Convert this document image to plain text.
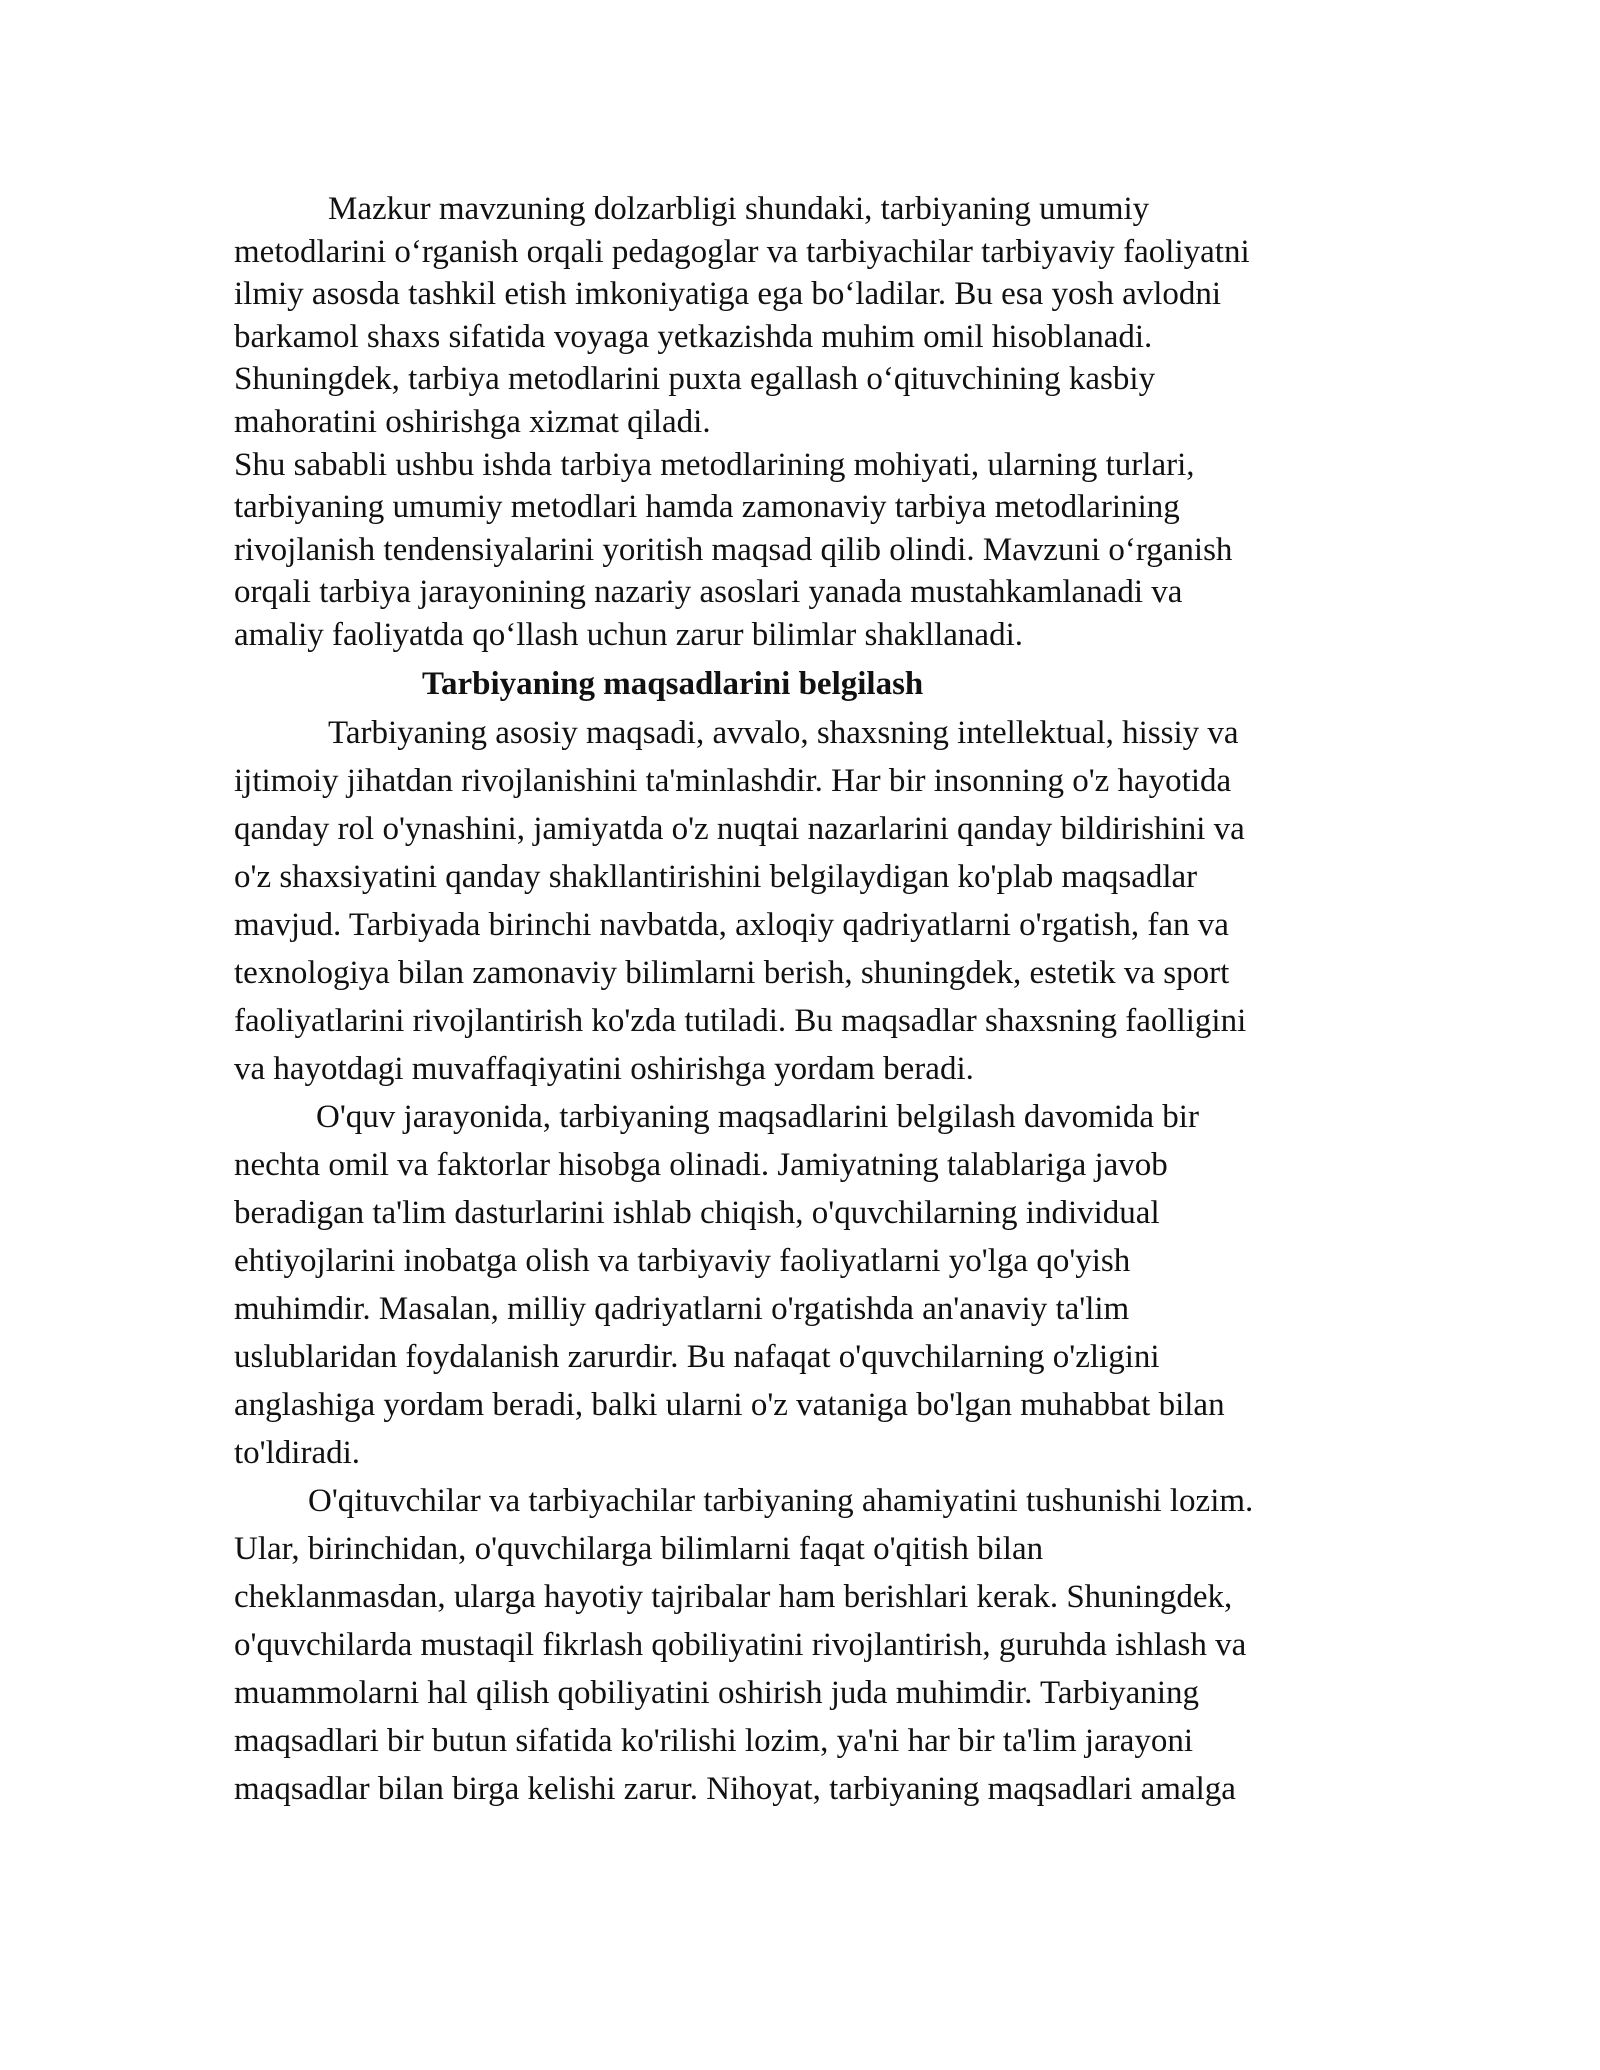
Mazkur mavzuning dolzarbligi shundaki, tarbiyaning umumiy
metodlarini o‘rganish orqali pedagoglar va tarbiyachilar tarbiyaviy faoliyatni
ilmiy asosda tashkil etish imkoniyatiga ega bo‘ladilar. Bu esa yosh avlodni
barkamol shaxs sifatida voyaga yetkazishda muhim omil hisoblanadi.
Shuningdek, tarbiya metodlarini puxta egallash o‘qituvchining kasbiy
mahoratini oshirishga xizmat qiladi.
Shu sababli ushbu ishda tarbiya metodlarining mohiyati, ularning turlari,
tarbiyaning umumiy metodlari hamda zamonaviy tarbiya metodlarining
rivojlanish tendensiyalarini yoritish maqsad qilib olindi. Mavzuni o‘rganish
orqali tarbiya jarayonining nazariy asoslari yanada mustahkamlanadi va
amaliy faoliyatda qo‘llash uchun zarur bilimlar shakllanadi.
Tarbiyaning maqsadlarini belgilash
Tarbiyaning asosiy maqsadi, avvalo, shaxsning intellektual, hissiy va
ijtimoiy jihatdan rivojlanishini ta'minlashdir. Har bir insonning o'z hayotida
qanday rol o'ynashini, jamiyatda o'z nuqtai nazarlarini qanday bildirishini va
o'z shaxsiyatini qanday shakllantirishini belgilaydigan ko'plab maqsadlar
mavjud. Tarbiyada birinchi navbatda, axloqiy qadriyatlarni o'rgatish, fan va
texnologiya bilan zamonaviy bilimlarni berish, shuningdek, estetik va sport
faoliyatlarini rivojlantirish ko'zda tutiladi. Bu maqsadlar shaxsning faolligini
va hayotdagi muvaffaqiyatini oshirishga yordam beradi.
O'quv jarayonida, tarbiyaning maqsadlarini belgilash davomida bir
nechta omil va faktorlar hisobga olinadi. Jamiyatning talablariga javob
beradigan ta'lim dasturlarini ishlab chiqish, o'quvchilarning individual
ehtiyojlarini inobatga olish va tarbiyaviy faoliyatlarni yo'lga qo'yish
muhimdir. Masalan, milliy qadriyatlarni o'rgatishda an'anaviy ta'lim
uslublaridan foydalanish zarurdir. Bu nafaqat o'quvchilarning o'zligini
anglashiga yordam beradi, balki ularni o'z vataniga bo'lgan muhabbat bilan
to'ldiradi.
O'qituvchilar va tarbiyachilar tarbiyaning ahamiyatini tushunishi lozim.
Ular, birinchidan, o'quvchilarga bilimlarni faqat o'qitish bilan
cheklanmasdan, ularga hayotiy tajribalar ham berishlari kerak. Shuningdek,
o'quvchilarda mustaqil fikrlash qobiliyatini rivojlantirish, guruhda ishlash va
muammolarni hal qilish qobiliyatini oshirish juda muhimdir. Tarbiyaning
maqsadlari bir butun sifatida ko'rilishi lozim, ya'ni har bir ta'lim jarayoni
maqsadlar bilan birga kelishi zarur. Nihoyat, tarbiyaning maqsadlari amalga
